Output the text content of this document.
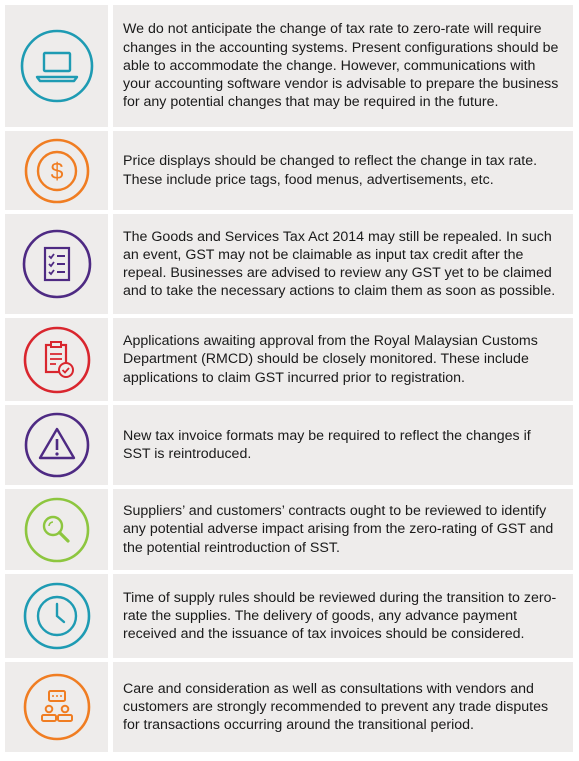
We do not anticipate the change of tax rate to zero-rate will require changes in the accounting systems. Present configurations should be able to accommodate the change. However, communications with your accounting software vendor is advisable to prepare the business for any potential changes that may be required in the future.
$	Price displays should be changed to reflect the change in tax rate. These include price tags, food menus, advertisements, etc.
The Goods and Services Tax Act 2014 may still be repealed. In such an event, GST may not be claimable as input tax credit after the repeal. Businesses are advised to review any GST yet to be claimed and to take the necessary actions to claim them as soon as possible.
Applications awaiting approval from the Royal Malaysian Customs Department (RMCD) should be closely monitored. These include applications to claim GST incurred prior to registration.
New tax invoice formats may be required to reflect the changes if SST is reintroduced.
Suppliers’ and customers’ contracts ought to be reviewed to identify any potential adverse impact arising from the zero-rating of GST and the potential reintroduction of SST.
Time of supply rules should be reviewed during the transition to zero-rate the supplies. The delivery of goods, any advance payment received and the issuance of tax invoices should be considered.
Care and consideration as well as consultations with vendors and customers are strongly recommended to prevent any trade disputes for transactions occurring around the transitional period.
